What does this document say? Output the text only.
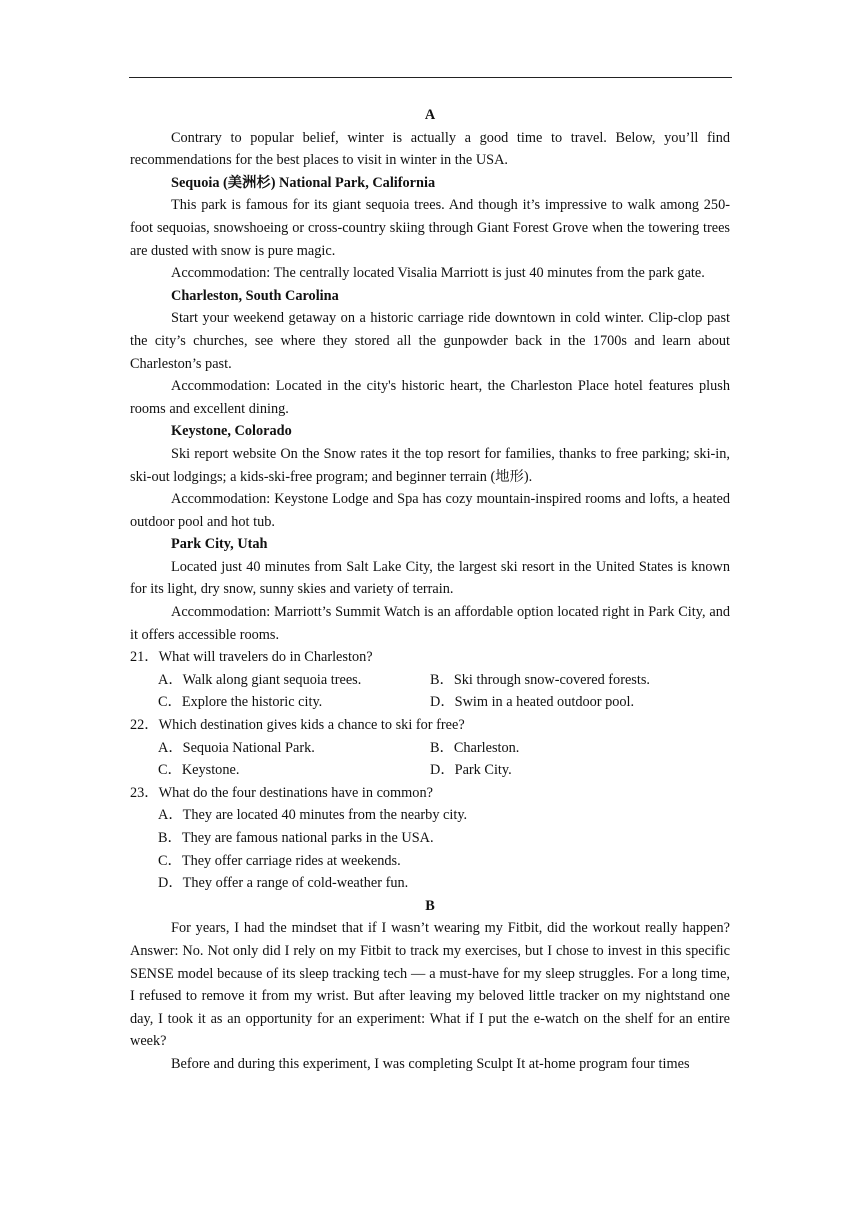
A

Contrary to popular belief, winter is actually a good time to travel. Below, you’ll find recommendations for the best places to visit in winter in the USA.

Sequoia (美洲杉) National Park, California

This park is famous for its giant sequoia trees. And though it’s impressive to walk among 250-foot sequoias, snowshoeing or cross-country skiing through Giant Forest Grove when the towering trees are dusted with snow is pure magic.

Accommodation: The centrally located Visalia Marriott is just 40 minutes from the park gate.

Charleston, South Carolina

Start your weekend getaway on a historic carriage ride downtown in cold winter. Clip-clop past the city’s churches, see where they stored all the gunpowder back in the 1700s and learn about Charleston’s past.

Accommodation: Located in the city's historic heart, the Charleston Place hotel features plush rooms and excellent dining.

Keystone, Colorado

Ski report website On the Snow rates it the top resort for families, thanks to free parking; ski-in, ski-out lodgings; a kids-ski-free program; and beginner terrain (地形).

Accommodation: Keystone Lodge and Spa has cozy mountain-inspired rooms and lofts, a heated outdoor pool and hot tub.

Park City, Utah

Located just 40 minutes from Salt Lake City, the largest ski resort in the United States is known for its light, dry snow, sunny skies and variety of terrain.

Accommodation: Marriott’s Summit Watch is an affordable option located right in Park City, and it offers accessible rooms.

21．What will travelers do in Charleston?

A．Walk along giant sequoia trees.	B．Ski through snow-covered forests.
C．Explore the historic city.	D．Swim in a heated outdoor pool.

22．Which destination gives kids a chance to ski for free?

A．Sequoia National Park.	B．Charleston.
C．Keystone.	D．Park City.

23．What do the four destinations have in common?

A．They are located 40 minutes from the nearby city.
B．They are famous national parks in the USA.
C．They offer carriage rides at weekends.
D．They offer a range of cold-weather fun.
B

For years, I had the mindset that if I wasn’t wearing my Fitbit, did the workout really happen? Answer: No. Not only did I rely on my Fitbit to track my exercises, but I chose to invest in this specific SENSE model because of its sleep tracking tech — a must-have for my sleep struggles. For a long time, I refused to remove it from my wrist. But after leaving my beloved little tracker on my nightstand one day, I took it as an opportunity for an experiment: What if I put the e-watch on the shelf for an entire week?

Before and during this experiment, I was completing Sculpt It at-home program four times
